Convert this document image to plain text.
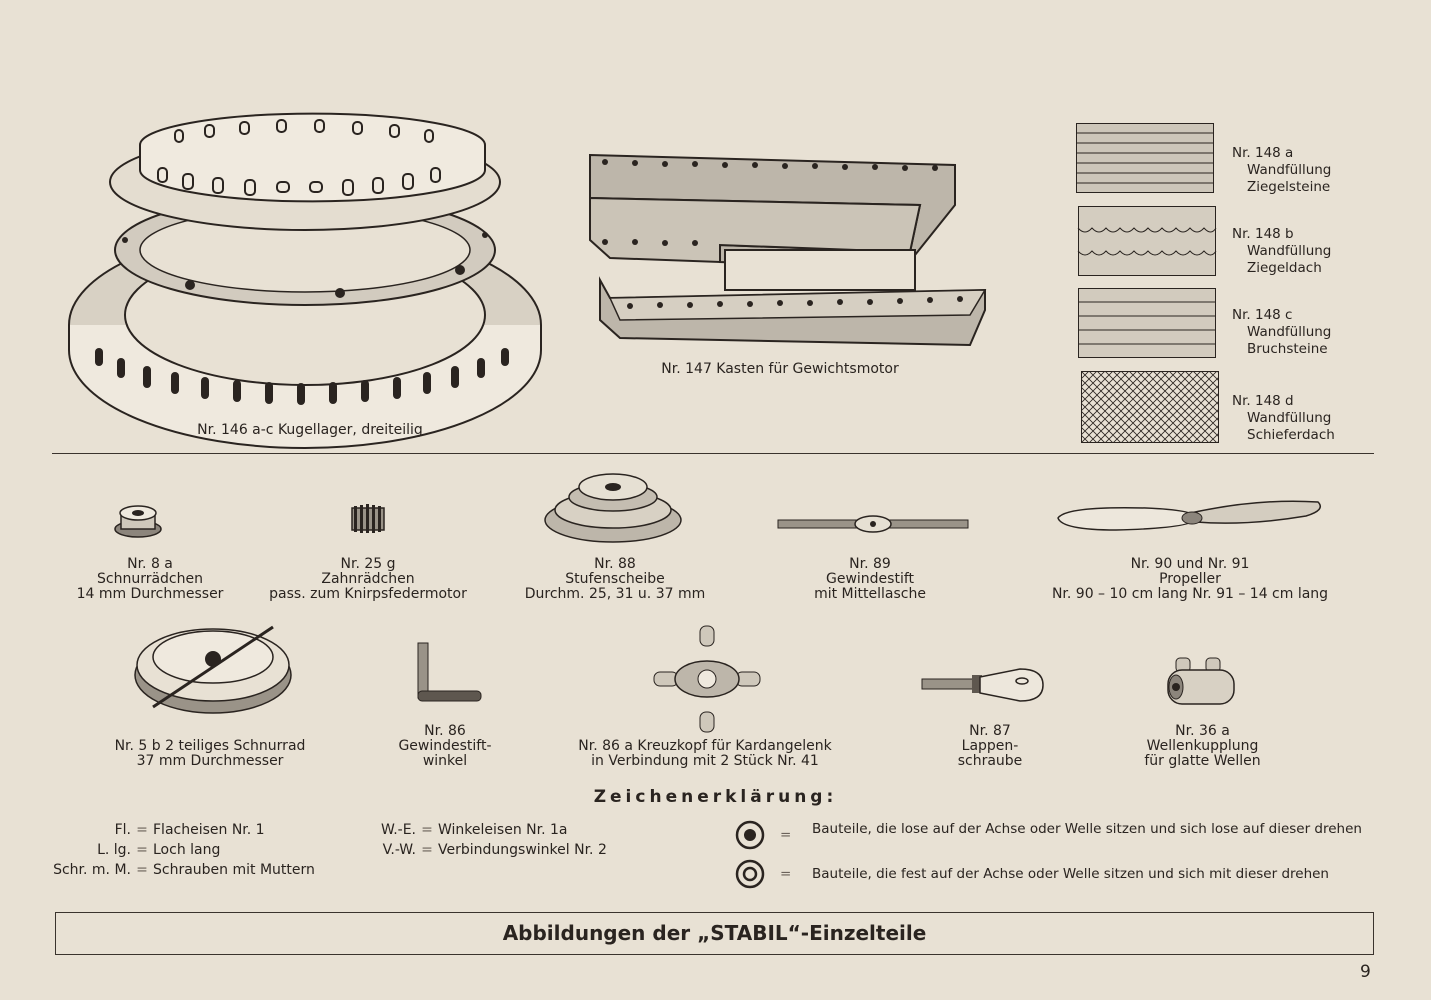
Nr. 146 a-c Kugellager, dreiteilig
Nr. 147 Kasten für Gewichtsmotor
Nr. 148 a
Wandfüllung
Ziegelsteine
Nr. 148 b
Wandfüllung
Ziegeldach
Nr. 148 c
Wandfüllung
Bruchsteine
Nr. 148 d
Wandfüllung
Schieferdach
Nr. 8 a
Schnurrädchen
14 mm Durchmesser
Nr. 25 g
Zahnrädchen
pass. zum Knirpsfedermotor
Nr. 88
Stufenscheibe
Durchm. 25, 31 u. 37 mm
Nr. 89
Gewindestift
mit Mittellasche
Nr. 90 und Nr. 91
Propeller
Nr. 90 – 10 cm lang Nr. 91 – 14 cm lang
Nr. 5 b 2 teiliges Schnurrad
37 mm Durchmesser
Nr. 86
Gewindestift-
winkel
Nr. 86 a Kreuzkopf für Kardangelenk
in Verbindung mit 2 Stück Nr. 41
Nr. 87
Lappen-
schraube
Nr. 36 a
Wellenkupplung
für glatte Wellen
Zeichenerklärung:
Fl. = Flacheisen Nr. 1
L. lg. = Loch lang
Schr. m. M. = Schrauben mit Muttern
W.-E. = Winkeleisen Nr. 1a
V.-W. = Verbindungswinkel Nr. 2
= Bauteile, die lose auf der Achse oder Welle sitzen und sich lose auf dieser drehen
= Bauteile, die fest auf der Achse oder Welle sitzen und sich mit dieser drehen
Abbildungen der „STABIL“-Einzelteile
9
